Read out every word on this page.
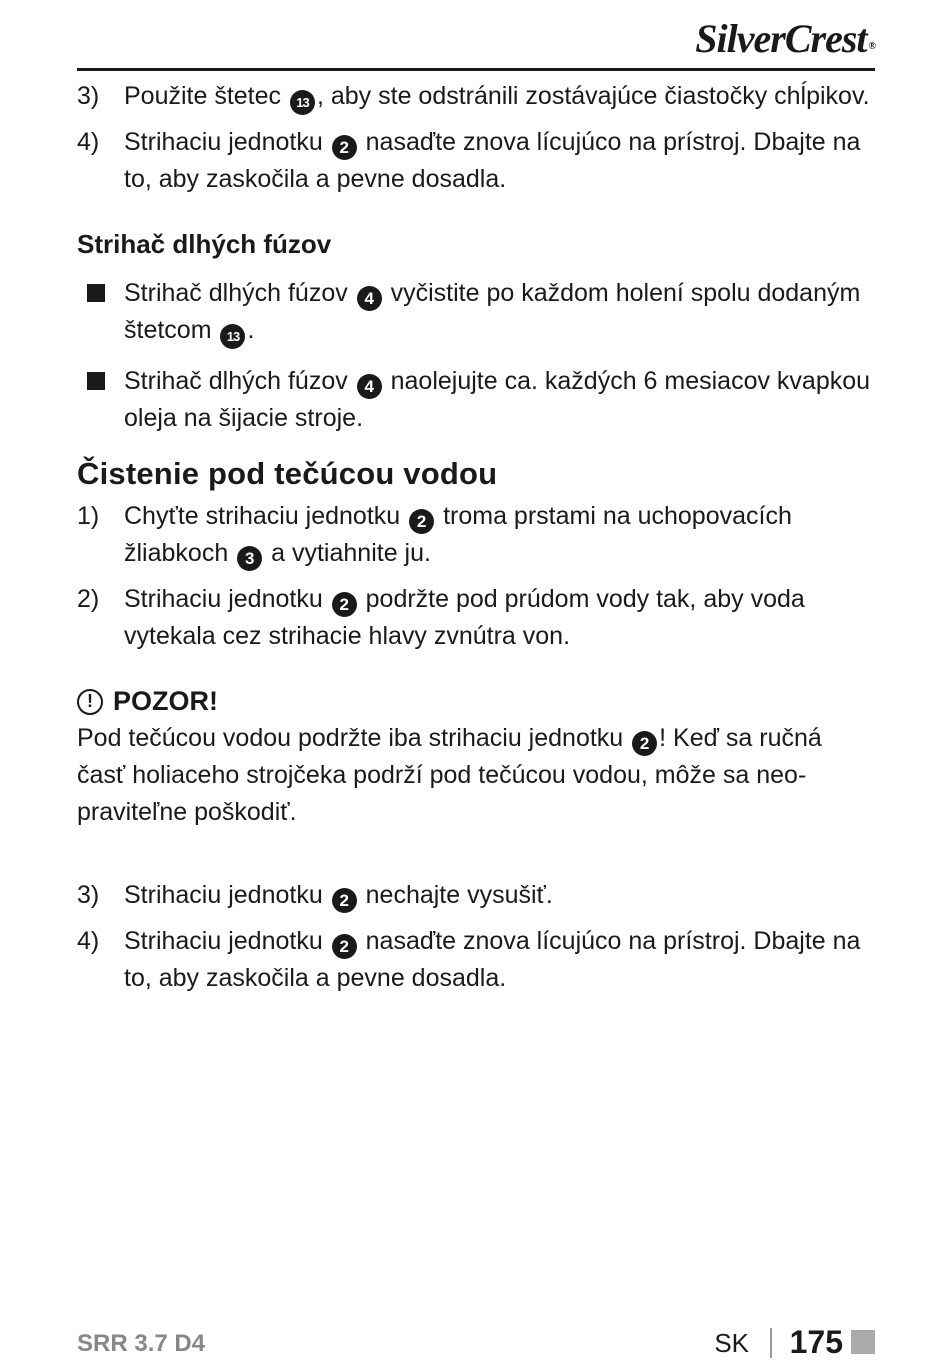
SilverCrest ®
3) Použite štetec 13 , aby ste odstránili zostávajúce čiastočky chĺpikov.
4) Strihaciu jednotku 2 nasaďte znova lícujúco na prístroj. Dbajte na to, aby zaskočila a pevne dosadla.
Strihač dlhých fúzov
Strihač dlhých fúzov 4 vyčistite po každom holení spolu dodaným štetcom 13 .
Strihač dlhých fúzov 4 naolejujte ca. každých 6 mesiacov kvapkou oleja na šijacie stroje.
Čistenie pod tečúcou vodou
1) Chyťte strihaciu jednotku 2 troma prstami na uchopovacích žliabkoch 3 a vytiahnite ju.
2) Strihaciu jednotku 2 podržte pod prúdom vody tak, aby voda vytekala cez strihacie hlavy zvnútra von.
! POZOR!
Pod tečúcou vodou podržte iba strihaciu jednotku 2 ! Keď sa ručná časť holiaceho strojčeka podrží pod tečúcou vodou, môže sa neopraviteľne poškodiť.
3) Strihaciu jednotku 2 nechajte vysušiť.
4) Strihaciu jednotku 2 nasaďte znova lícujúco na prístroj. Dbajte na to, aby zaskočila a pevne dosadla.
SRR 3.7 D4	SK 175
